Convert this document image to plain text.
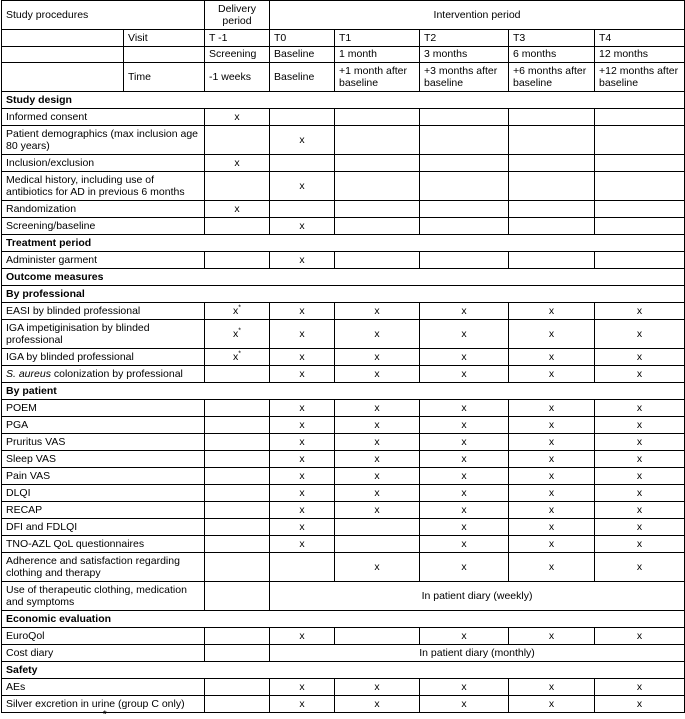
Study procedures		Delivery period	Intervention period				
	Visit	T -1	T0	T1	T2	T3	T4
		Screening	Baseline	1 month	3 months	6 months	12 months
	Time	-1 weeks	Baseline	+1 month after baseline	+3 months after baseline	+6 months after baseline	+12 months after baseline
Study design							
Informed consent		x					
Patient demographics (max inclusion age 80 years)			x				
Inclusion/exclusion		x					
Medical history, including use of antibiotics for AD in previous 6 months			x				
Randomization		x					
Screening/baseline			x				
Treatment period							
Administer garment			x				
Outcome measures							
By professional							
EASI by blinded professional		x*	x	x	x	x	x
IGA impetiginisation by blinded professional		x*	x	x	x	x	x
IGA by blinded professional		x*	x	x	x	x	x
S. aureus colonization by professional			x	x	x	x	x
By patient							
POEM			x	x	x	x	x
PGA			x	x	x	x	x
Pruritus VAS			x	x	x	x	x
Sleep VAS			x	x	x	x	x
Pain VAS			x	x	x	x	x
DLQI			x	x	x	x	x
RECAP			x	x	x	x	x
DFI and FDLQI			x		x	x	x
TNO-AZL QoL questionnaires			x		x	x	x
Adherence and satisfaction regarding clothing and therapy				x	x	x	x
Use of therapeutic clothing, medication and symptoms			In patient diary (weekly)				
Economic evaluation							
EuroQol			x		x	x	x
Cost diary			In patient diary (monthly)				
Safety							
AEs			x	x	x	x	x
Silver excretion in urine (group C only)			x	x	x	x	x
*
